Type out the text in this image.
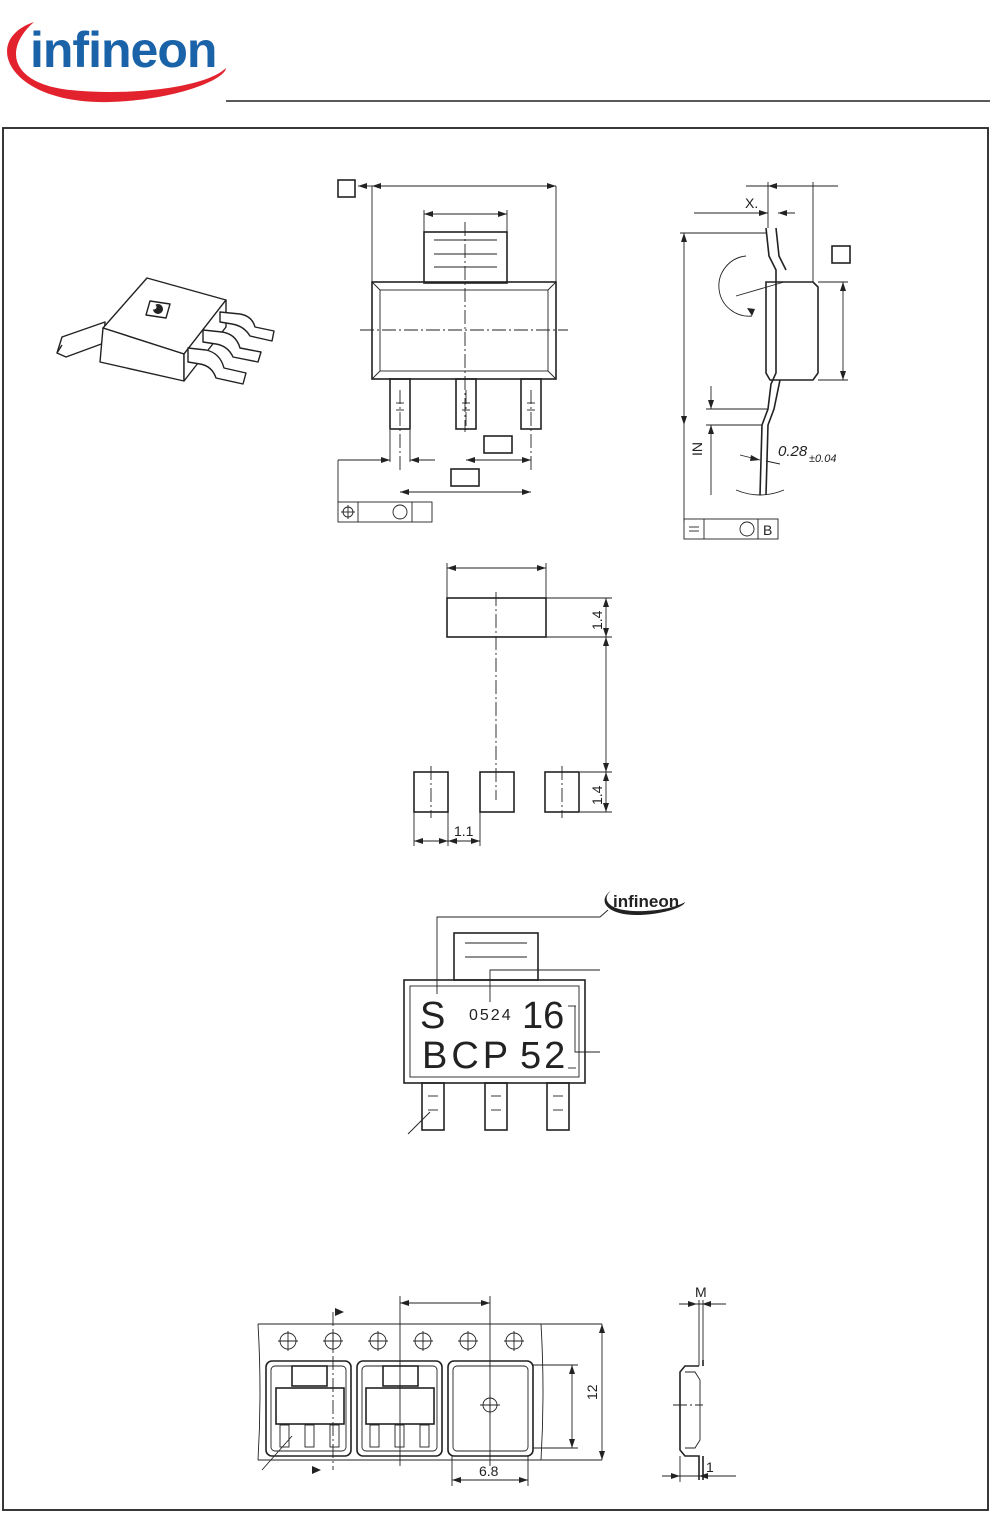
infineon
X.
IN	0.28 ±0.04
B
1.4
1.4
1.1
infineon
S 0524 16
BCP 52
12
6.8
M
1
